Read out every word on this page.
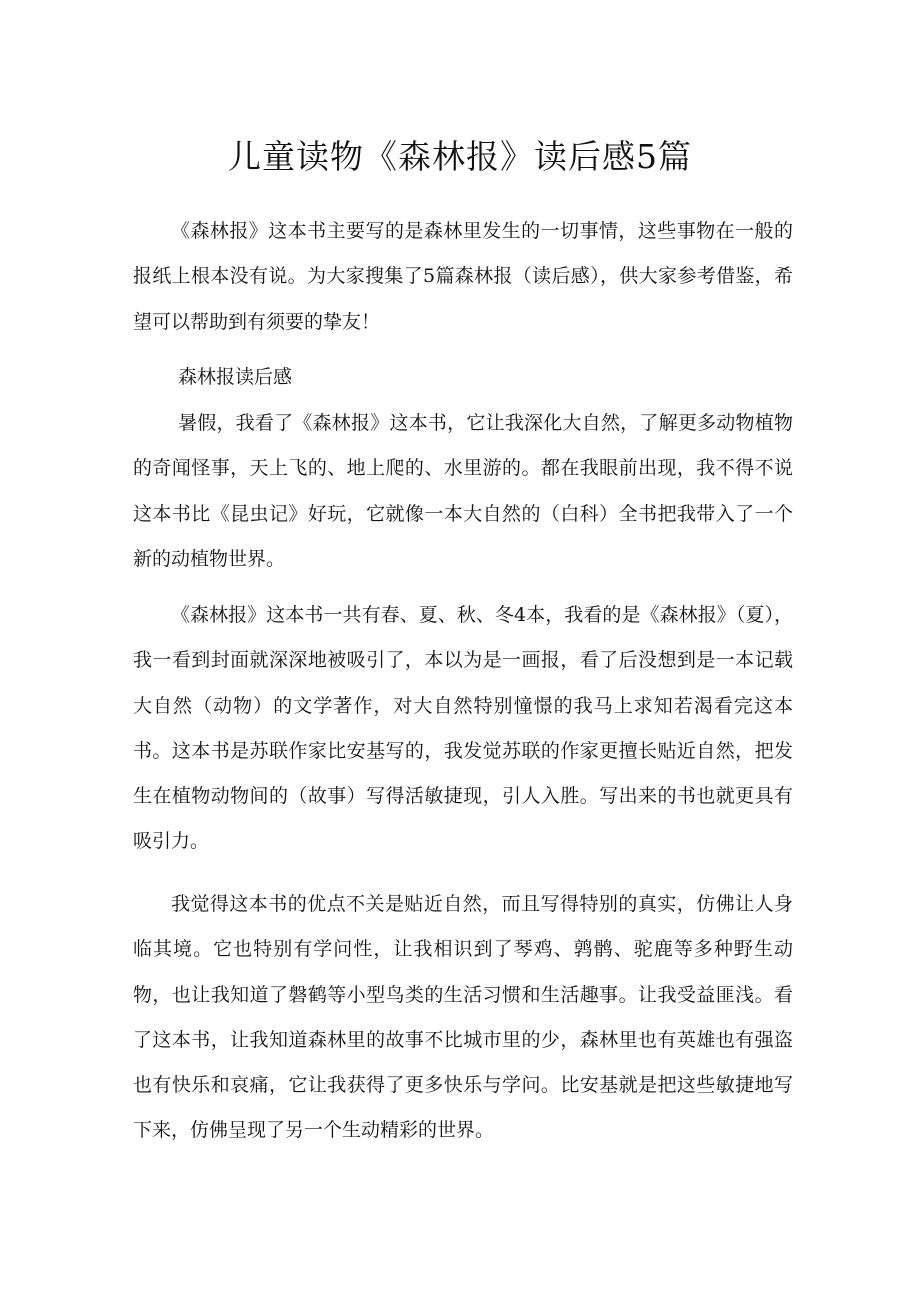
儿童读物《森林报》读后感5篇

《森林报》这本书主要写的是森林里发生的一切事情，这些事物在一般的报纸上根本没有说。为大家搜集了5篇森林报（读后感），供大家参考借鉴，希望可以帮助到有须要的挚友！

森林报读后感

暑假，我看了《森林报》这本书，它让我深化大自然，了解更多动物植物的奇闻怪事，天上飞的、地上爬的、水里游的。都在我眼前出现，我不得不说这本书比《昆虫记》好玩，它就像一本大自然的（白科）全书把我带入了一个新的动植物世界。

《森林报》这本书一共有春、夏、秋、冬4本，我看的是《森林报》（夏），我一看到封面就深深地被吸引了，本以为是一画报，看了后没想到是一本记载大自然（动物）的文学著作，对大自然特别憧憬的我马上求知若渴看完这本书。这本书是苏联作家比安基写的，我发觉苏联的作家更擅长贴近自然，把发生在植物动物间的（故事）写得活敏捷现，引人入胜。写出来的书也就更具有吸引力。

我觉得这本书的优点不关是贴近自然，而且写得特别的真实，仿佛让人身临其境。它也特别有学问性，让我相识到了琴鸡、鹑鹘、驼鹿等多种野生动物，也让我知道了磐鹤等小型鸟类的生活习惯和生活趣事。让我受益匪浅。看了这本书，让我知道森林里的故事不比城市里的少，森林里也有英雄也有强盗也有快乐和哀痛，它让我获得了更多快乐与学问。比安基就是把这些敏捷地写下来，仿佛呈现了另一个生动精彩的世界。
